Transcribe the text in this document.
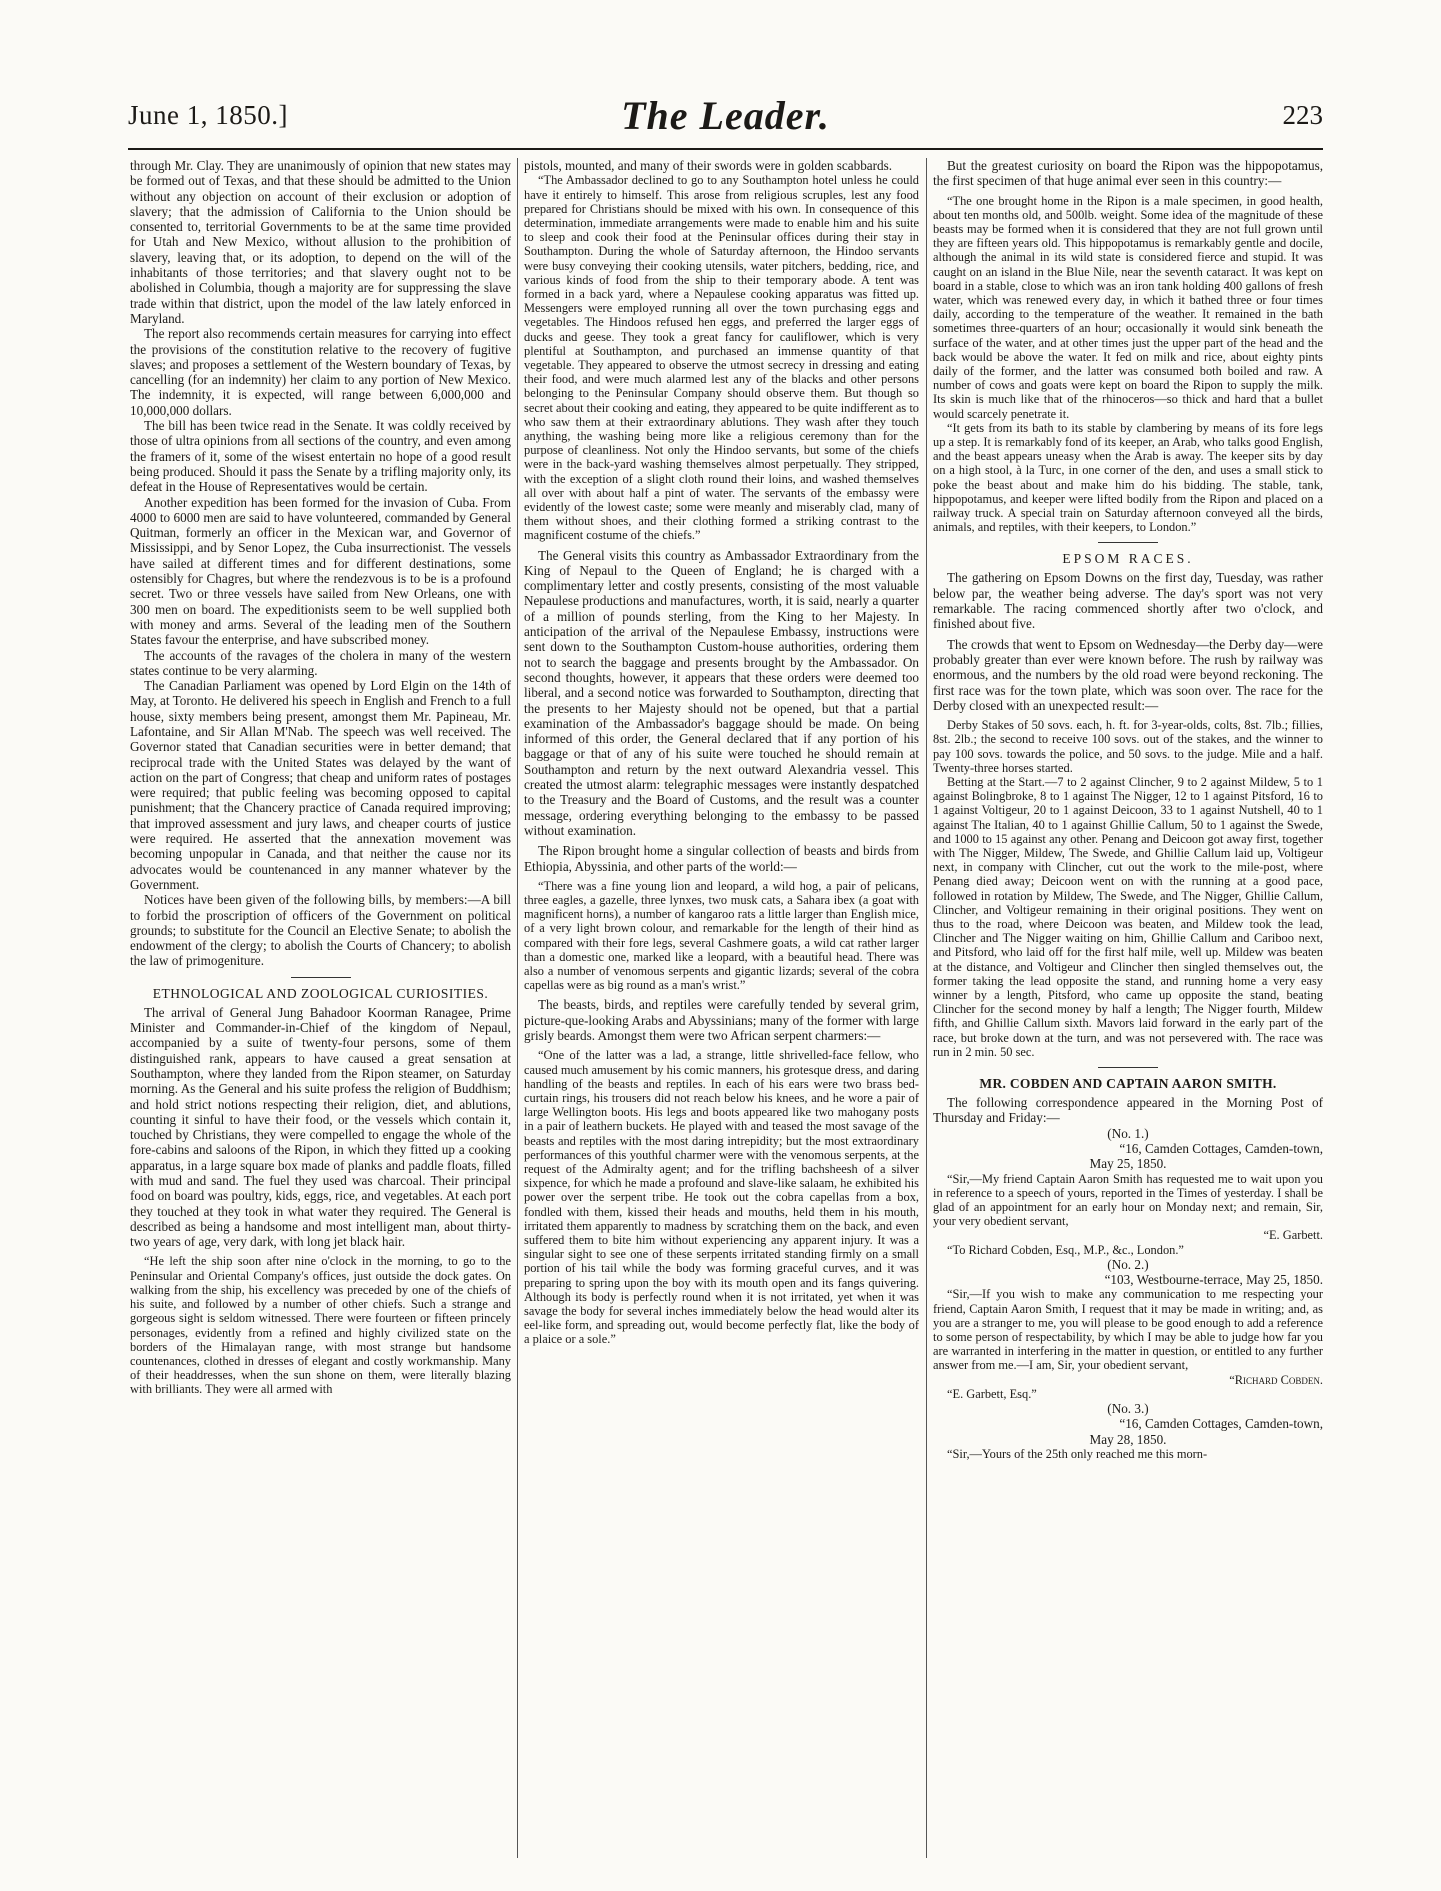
June 1, 1850.]	The Leader.	223

through Mr. Clay. They are unanimously of opinion that new states may be formed out of Texas, and that these should be admitted to the Union without any objection on account of their exclusion or adoption of slavery; that the admission of California to the Union should be consented to, territorial Governments to be at the same time provided for Utah and New Mexico, without allusion to the prohibition of slavery, leaving that, or its adoption, to depend on the will of the inhabitants of those territories; and that slavery ought not to be abolished in Columbia, though a majority are for suppressing the slave trade within that district, upon the model of the law lately enforced in Maryland.

The report also recommends certain measures for carrying into effect the provisions of the constitution relative to the recovery of fugitive slaves; and proposes a settlement of the Western boundary of Texas, by cancelling (for an indemnity) her claim to any portion of New Mexico. The indemnity, it is expected, will range between 6,000,000 and 10,000,000 dollars.

The bill has been twice read in the Senate. It was coldly received by those of ultra opinions from all sections of the country, and even among the framers of it, some of the wisest entertain no hope of a good result being produced. Should it pass the Senate by a trifling majority only, its defeat in the House of Representatives would be certain.

Another expedition has been formed for the invasion of Cuba. From 4000 to 6000 men are said to have volunteered, commanded by General Quitman, formerly an officer in the Mexican war, and Governor of Mississippi, and by Senor Lopez, the Cuba insurrectionist. The vessels have sailed at different times and for different destinations, some ostensibly for Chagres, but where the rendezvous is to be is a profound secret. Two or three vessels have sailed from New Orleans, one with 300 men on board. The expeditionists seem to be well supplied both with money and arms. Several of the leading men of the Southern States favour the enterprise, and have subscribed money.

The accounts of the ravages of the cholera in many of the western states continue to be very alarming.

The Canadian Parliament was opened by Lord Elgin on the 14th of May, at Toronto. He delivered his speech in English and French to a full house, sixty members being present, amongst them Mr. Papineau, Mr. Lafontaine, and Sir Allan M'Nab. The speech was well received. The Governor stated that Canadian securities were in better demand; that reciprocal trade with the United States was delayed by the want of action on the part of Congress; that cheap and uniform rates of postages were required; that public feeling was becoming opposed to capital punishment; that the Chancery practice of Canada required improving; that improved assessment and jury laws, and cheaper courts of justice were required. He asserted that the annexation movement was becoming unpopular in Canada, and that neither the cause nor its advocates would be countenanced in any manner whatever by the Government.

Notices have been given of the following bills, by members:—A bill to forbid the proscription of officers of the Government on political grounds; to substitute for the Council an Elective Senate; to abolish the endowment of the clergy; to abolish the Courts of Chancery; to abolish the law of primogeniture.

ETHNOLOGICAL AND ZOOLOGICAL CURIOSITIES.

The arrival of General Jung Bahadoor Koorman Ranagee, Prime Minister and Commander-in-Chief of the kingdom of Nepaul, accompanied by a suite of twenty-four persons, some of them distinguished rank, appears to have caused a great sensation at Southampton, where they landed from the Ripon steamer, on Saturday morning. As the General and his suite profess the religion of Buddhism; and hold strict notions respecting their religion, diet, and ablutions, counting it sinful to have their food, or the vessels which contain it, touched by Christians, they were compelled to engage the whole of the fore-cabins and saloons of the Ripon, in which they fitted up a cooking apparatus, in a large square box made of planks and paddle floats, filled with mud and sand. The fuel they used was charcoal. Their principal food on board was poultry, kids, eggs, rice, and vegetables. At each port they touched at they took in what water they required. The General is described as being a handsome and most intelligent man, about thirty-two years of age, very dark, with long jet black hair.

“He left the ship soon after nine o'clock in the morning, to go to the Peninsular and Oriental Company's offices, just outside the dock gates. On walking from the ship, his excellency was preceded by one of the chiefs of his suite, and followed by a number of other chiefs. Such a strange and gorgeous sight is seldom witnessed. There were fourteen or fifteen princely personages, evidently from a refined and highly civilized state on the borders of the Himalayan range, with most strange but handsome countenances, clothed in dresses of elegant and costly workmanship. Many of their headdresses, when the sun shone on them, were literally blazing with brilliants. They were all armed with

pistols, mounted, and many of their swords were in golden scabbards.

“The Ambassador declined to go to any Southampton hotel unless he could have it entirely to himself. This arose from religious scruples, lest any food prepared for Christians should be mixed with his own. In consequence of this determination, immediate arrangements were made to enable him and his suite to sleep and cook their food at the Peninsular offices during their stay in Southampton. During the whole of Saturday afternoon, the Hindoo servants were busy conveying their cooking utensils, water pitchers, bedding, rice, and various kinds of food from the ship to their temporary abode. A tent was formed in a back yard, where a Nepaulese cooking apparatus was fitted up. Messengers were employed running all over the town purchasing eggs and vegetables. The Hindoos refused hen eggs, and preferred the larger eggs of ducks and geese. They took a great fancy for cauliflower, which is very plentiful at Southampton, and purchased an immense quantity of that vegetable. They appeared to observe the utmost secrecy in dressing and eating their food, and were much alarmed lest any of the blacks and other persons belonging to the Peninsular Company should observe them. But though so secret about their cooking and eating, they appeared to be quite indifferent as to who saw them at their extraordinary ablutions. They wash after they touch anything, the washing being more like a religious ceremony than for the purpose of cleanliness. Not only the Hindoo servants, but some of the chiefs were in the back-yard washing themselves almost perpetually. They stripped, with the exception of a slight cloth round their loins, and washed themselves all over with about half a pint of water. The servants of the embassy were evidently of the lowest caste; some were meanly and miserably clad, many of them without shoes, and their clothing formed a striking contrast to the magnificent costume of the chiefs.”

The General visits this country as Ambassador Extraordinary from the King of Nepaul to the Queen of England; he is charged with a complimentary letter and costly presents, consisting of the most valuable Nepaulese productions and manufactures, worth, it is said, nearly a quarter of a million of pounds sterling, from the King to her Majesty. In anticipation of the arrival of the Nepaulese Embassy, instructions were sent down to the Southampton Custom-house authorities, ordering them not to search the baggage and presents brought by the Ambassador. On second thoughts, however, it appears that these orders were deemed too liberal, and a second notice was forwarded to Southampton, directing that the presents to her Majesty should not be opened, but that a partial examination of the Ambassador's baggage should be made. On being informed of this order, the General declared that if any portion of his baggage or that of any of his suite were touched he should remain at Southampton and return by the next outward Alexandria vessel. This created the utmost alarm: telegraphic messages were instantly despatched to the Treasury and the Board of Customs, and the result was a counter message, ordering everything belonging to the embassy to be passed without examination.

The Ripon brought home a singular collection of beasts and birds from Ethiopia, Abyssinia, and other parts of the world:—

“There was a fine young lion and leopard, a wild hog, a pair of pelicans, three eagles, a gazelle, three lynxes, two musk cats, a Sahara ibex (a goat with magnificent horns), a number of kangaroo rats a little larger than English mice, of a very light brown colour, and remarkable for the length of their hind as compared with their fore legs, several Cashmere goats, a wild cat rather larger than a domestic one, marked like a leopard, with a beautiful head. There was also a number of venomous serpents and gigantic lizards; several of the cobra capellas were as big round as a man's wrist.”

The beasts, birds, and reptiles were carefully tended by several grim, picture-que-looking Arabs and Abyssinians; many of the former with large grisly beards. Amongst them were two African serpent charmers:—

“One of the latter was a lad, a strange, little shrivelled-face fellow, who caused much amusement by his comic manners, his grotesque dress, and daring handling of the beasts and reptiles. In each of his ears were two brass bed-curtain rings, his trousers did not reach below his knees, and he wore a pair of large Wellington boots. His legs and boots appeared like two mahogany posts in a pair of leathern buckets. He played with and teased the most savage of the beasts and reptiles with the most daring intrepidity; but the most extraordinary performances of this youthful charmer were with the venomous serpents, at the request of the Admiralty agent; and for the trifling bachsheesh of a silver sixpence, for which he made a profound and slave-like salaam, he exhibited his power over the serpent tribe. He took out the cobra capellas from a box, fondled with them, kissed their heads and mouths, held them in his mouth, irritated them apparently to madness by scratching them on the back, and even suffered them to bite him without experiencing any apparent injury. It was a singular sight to see one of these serpents irritated standing firmly on a small portion of his tail while the body was forming graceful curves, and it was preparing to spring upon the boy with its mouth open and its fangs quivering. Although its body is perfectly round when it is not irritated, yet when it was savage the body for several inches immediately below the head would alter its eel-like form, and spreading out, would become perfectly flat, like the body of a plaice or a sole.”

But the greatest curiosity on board the Ripon was the hippopotamus, the first specimen of that huge animal ever seen in this country:—

“The one brought home in the Ripon is a male specimen, in good health, about ten months old, and 500lb. weight. Some idea of the magnitude of these beasts may be formed when it is considered that they are not full grown until they are fifteen years old. This hippopotamus is remarkably gentle and docile, although the animal in its wild state is considered fierce and stupid. It was caught on an island in the Blue Nile, near the seventh cataract. It was kept on board in a stable, close to which was an iron tank holding 400 gallons of fresh water, which was renewed every day, in which it bathed three or four times daily, according to the temperature of the weather. It remained in the bath sometimes three-quarters of an hour; occasionally it would sink beneath the surface of the water, and at other times just the upper part of the head and the back would be above the water. It fed on milk and rice, about eighty pints daily of the former, and the latter was consumed both boiled and raw. A number of cows and goats were kept on board the Ripon to supply the milk. Its skin is much like that of the rhinoceros—so thick and hard that a bullet would scarcely penetrate it.

“It gets from its bath to its stable by clambering by means of its fore legs up a step. It is remarkably fond of its keeper, an Arab, who talks good English, and the beast appears uneasy when the Arab is away. The keeper sits by day on a high stool, à la Turc, in one corner of the den, and uses a small stick to poke the beast about and make him do his bidding. The stable, tank, hippopotamus, and keeper were lifted bodily from the Ripon and placed on a railway truck. A special train on Saturday afternoon conveyed all the birds, animals, and reptiles, with their keepers, to London.”

EPSOM RACES.

The gathering on Epsom Downs on the first day, Tuesday, was rather below par, the weather being adverse. The day's sport was not very remarkable. The racing commenced shortly after two o'clock, and finished about five.

The crowds that went to Epsom on Wednesday—the Derby day—were probably greater than ever were known before. The rush by railway was enormous, and the numbers by the old road were beyond reckoning. The first race was for the town plate, which was soon over. The race for the Derby closed with an unexpected result:—

Derby Stakes of 50 sovs. each, h. ft. for 3-year-olds, colts, 8st. 7lb.; fillies, 8st. 2lb.; the second to receive 100 sovs. out of the stakes, and the winner to pay 100 sovs. towards the police, and 50 sovs. to the judge. Mile and a half. Twenty-three horses started.

Betting at the Start.—7 to 2 against Clincher, 9 to 2 against Mildew, 5 to 1 against Bolingbroke, 8 to 1 against The Nigger, 12 to 1 against Pitsford, 16 to 1 against Voltigeur, 20 to 1 against Deicoon, 33 to 1 against Nutshell, 40 to 1 against The Italian, 40 to 1 against Ghillie Callum, 50 to 1 against the Swede, and 1000 to 15 against any other. Penang and Deicoon got away first, together with The Nigger, Mildew, The Swede, and Ghillie Callum laid up, Voltigeur next, in company with Clincher, cut out the work to the mile-post, where Penang died away; Deicoon went on with the running at a good pace, followed in rotation by Mildew, The Swede, and The Nigger, Ghillie Callum, Clincher, and Voltigeur remaining in their original positions. They went on thus to the road, where Deicoon was beaten, and Mildew took the lead, Clincher and The Nigger waiting on him, Ghillie Callum and Cariboo next, and Pitsford, who laid off for the first half mile, well up. Mildew was beaten at the distance, and Voltigeur and Clincher then singled themselves out, the former taking the lead opposite the stand, and running home a very easy winner by a length, Pitsford, who came up opposite the stand, beating Clincher for the second money by half a length; The Nigger fourth, Mildew fifth, and Ghillie Callum sixth. Mavors laid forward in the early part of the race, but broke down at the turn, and was not persevered with. The race was run in 2 min. 50 sec.

MR. COBDEN AND CAPTAIN AARON SMITH.

The following correspondence appeared in the Morning Post of Thursday and Friday:—

(No. 1.)

“16, Camden Cottages, Camden-town,

May 25, 1850.

“Sir,—My friend Captain Aaron Smith has requested me to wait upon you in reference to a speech of yours, reported in the Times of yesterday. I shall be glad of an appointment for an early hour on Monday next; and remain, Sir, your very obedient servant,

“E. Garbett.

“To Richard Cobden, Esq., M.P., &c., London.”

(No. 2.)

“103, Westbourne-terrace, May 25, 1850.

“Sir,—If you wish to make any communication to me respecting your friend, Captain Aaron Smith, I request that it may be made in writing; and, as you are a stranger to me, you will please to be good enough to add a reference to some person of respectability, by which I may be able to judge how far you are warranted in interfering in the matter in question, or entitled to any further answer from me.—I am, Sir, your obedient servant,

“Richard Cobden.

“E. Garbett, Esq.”

(No. 3.)

“16, Camden Cottages, Camden-town,

May 28, 1850.

“Sir,—Yours of the 25th only reached me this morn-
